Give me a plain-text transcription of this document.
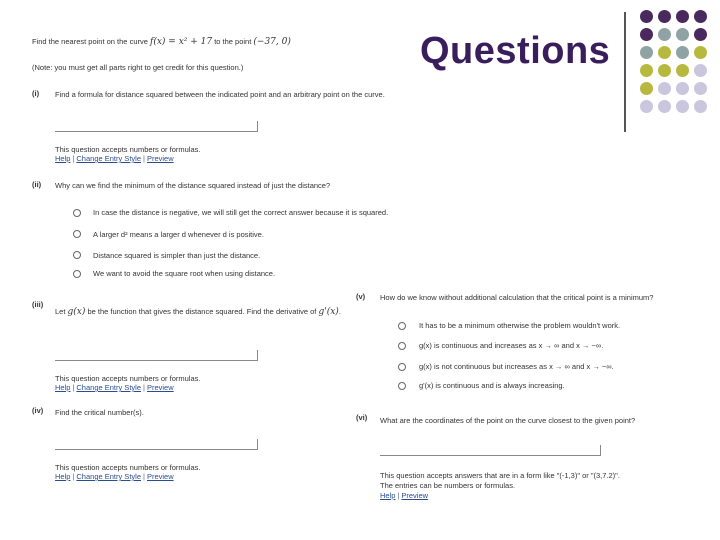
Questions
Find the nearest point on the curve f(x) = x² + 17 to the point (−37, 0)
(Note: you must get all parts right to get credit for this question.)
(i) Find a formula for distance squared between the indicated point and an arbitrary point on the curve.
This question accepts numbers or formulas.
Help | Change Entry Style | Preview
(ii) Why can we find the minimum of the distance squared instead of just the distance?
In case the distance is negative, we will still get the correct answer because it is squared.
A larger d² means a larger d whenever d is positive.
Distance squared is simpler than just the distance.
We want to avoid the square root when using distance.
(iii)
Let g(x) be the function that gives the distance squared. Find the derivative of g'(x).
This question accepts numbers or formulas.
Help | Change Entry Style | Preview
(iv) Find the critical number(s).
This question accepts numbers or formulas.
Help | Change Entry Style | Preview
(v) How do we know without additional calculation that the critical point is a minimum?
It has to be a minimum otherwise the problem wouldn't work.
g(x) is continuous and increases as x → ∞ and x → −∞.
g(x) is not continuous but increases as x → ∞ and x → −∞.
g'(x) is continuous and is always increasing.
(vi) What are the coordinates of the point on the curve closest to the given point?
This question accepts answers that are in a form like "(-1,3)" or "(3,7.2)".
The entries can be numbers or formulas.
Help | Preview
